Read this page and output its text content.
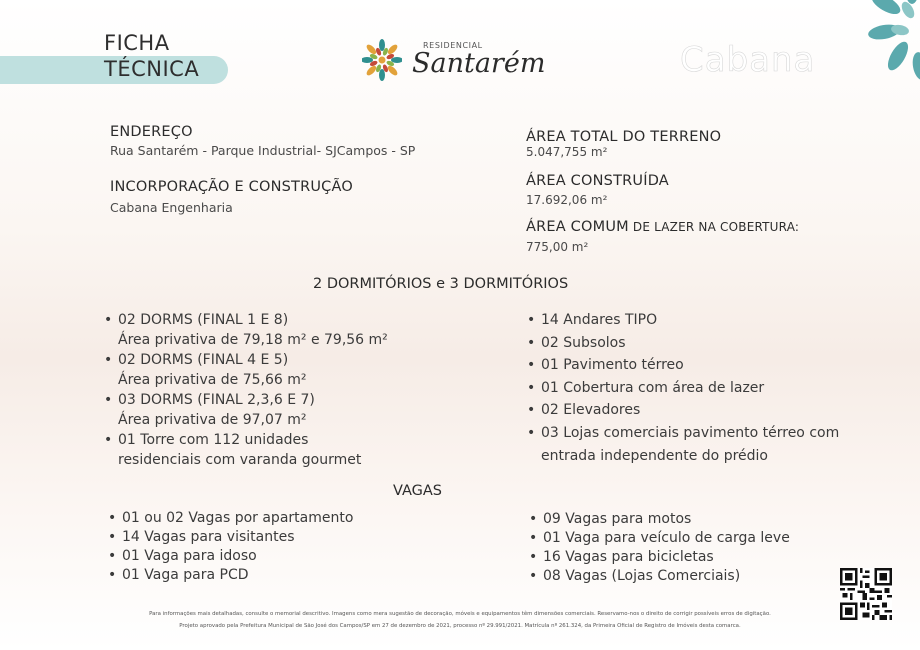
FICHA
TÉCNICA
RESIDENCIAL
Santarém	Cabana
ENDEREÇO
Rua Santarém - Parque Industrial- SJCampos - SP
INCORPORAÇÃO E CONSTRUÇÃO
Cabana Engenharia
ÁREA TOTAL DO TERRENO
5.047,755 m²
ÁREA CONSTRUÍDA
17.692,06 m²
ÁREA COMUM DE LAZER NA COBERTURA:
775,00 m²
2 DORMITÓRIOS e 3 DORMITÓRIOS
• 02 DORMS (FINAL 1 E 8)
Área privativa de 79,18 m² e 79,56 m²
• 02 DORMS (FINAL 4 E 5)
Área privativa de 75,66 m²
• 03 DORMS (FINAL 2,3,6 E 7)
Área privativa de 97,07 m²
• 01 Torre com 112 unidades
residenciais com varanda gourmet
• 14 Andares TIPO
• 02 Subsolos
• 01 Pavimento térreo
• 01 Cobertura com área de lazer
• 02 Elevadores
• 03 Lojas comerciais pavimento térreo com
entrada independente do prédio
VAGAS
• 01 ou 02 Vagas por apartamento
• 14 Vagas para visitantes
• 01 Vaga para idoso
• 01 Vaga para PCD
• 09 Vagas para motos
• 01 Vaga para veículo de carga leve
• 16 Vagas para bicicletas
• 08 Vagas (Lojas Comerciais)
Para informações mais detalhadas, consulte o memorial descritivo. Imagens como mera sugestão de decoração, móveis e equipamentos têm dimensões comerciais. Reservamo-nos o direito de corrigir possíveis erros de digitação.
Projeto aprovado pela Prefeitura Municipal de São José dos Campos/SP em 27 de dezembro de 2021, processo nº 29.991/2021. Matrícula nº 261.324, da Primeira Oficial de Registro de Imóveis desta comarca.
